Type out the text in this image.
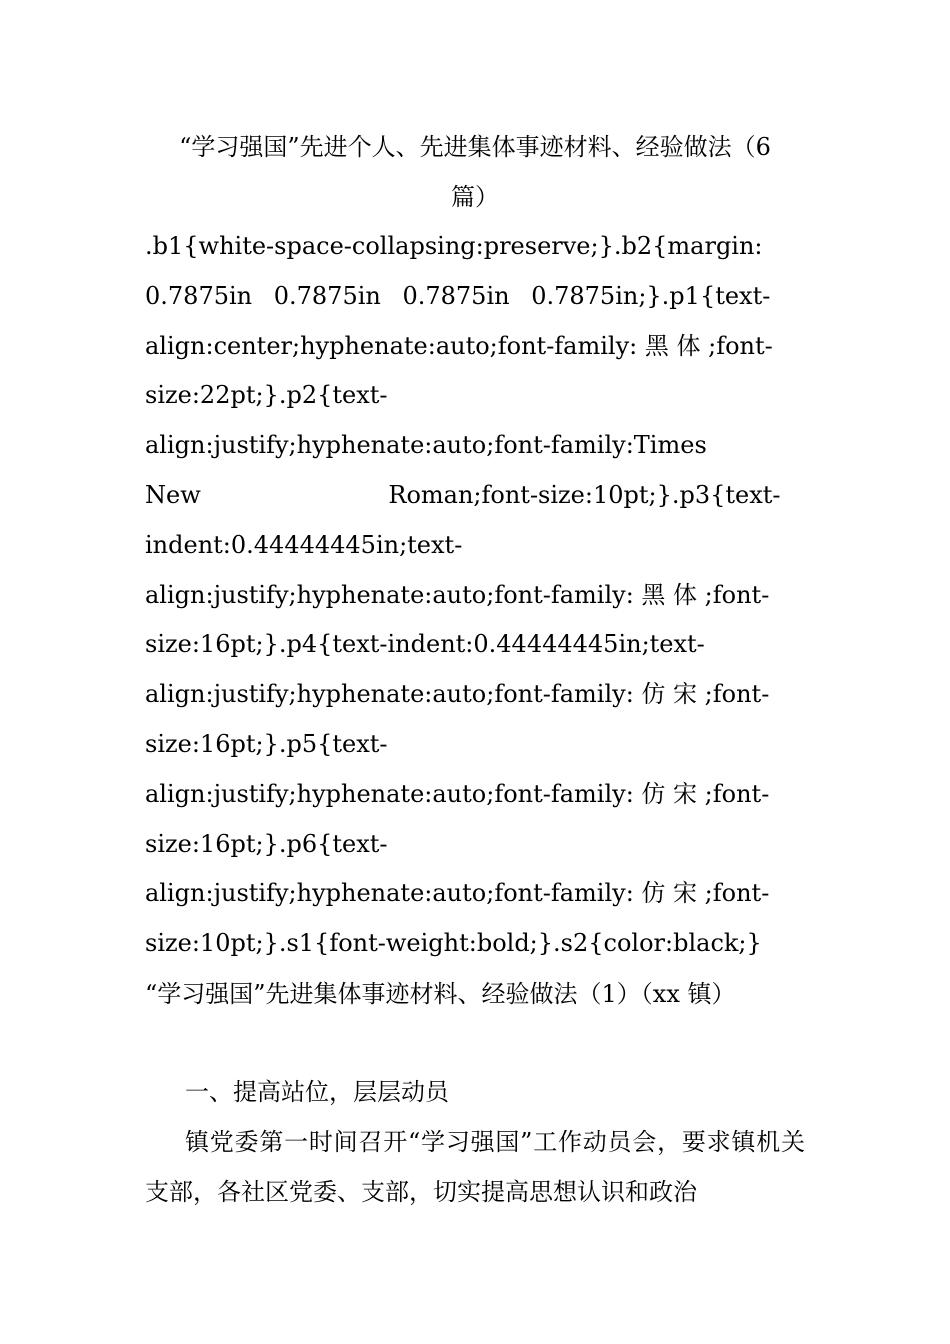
“学习强国”先进个人、先进集体事迹材料、经验做法（6
篇）

.b1{white-space-collapsing:preserve;}.b2{margin:
0.7875in 0.7875in 0.7875in 0.7875in;}.p1{text-
align:center;hyphenate:auto;font-family: 黑 体 ;font-
size:22pt;}.p2{text-
align:justify;hyphenate:auto;font-family:Times
New Roman;font-size:10pt;}.p3{text-
indent:0.44444445in;text-
align:justify;hyphenate:auto;font-family: 黑 体 ;font-
size:16pt;}.p4{text-indent:0.44444445in;text-
align:justify;hyphenate:auto;font-family: 仿 宋 ;font-
size:16pt;}.p5{text-
align:justify;hyphenate:auto;font-family: 仿 宋 ;font-
size:16pt;}.p6{text-
align:justify;hyphenate:auto;font-family: 仿 宋 ;font-
size:10pt;}.s1{font-weight:bold;}.s2{color:black;}

“学习强国”先进集体事迹材料、经验做法（1）（xx 镇）

一、提高站位，层层动员

镇党委第一时间召开“学习强国”工作动员会，要求镇机关支部，各社区党委、支部，切实提高思想认识和政治
